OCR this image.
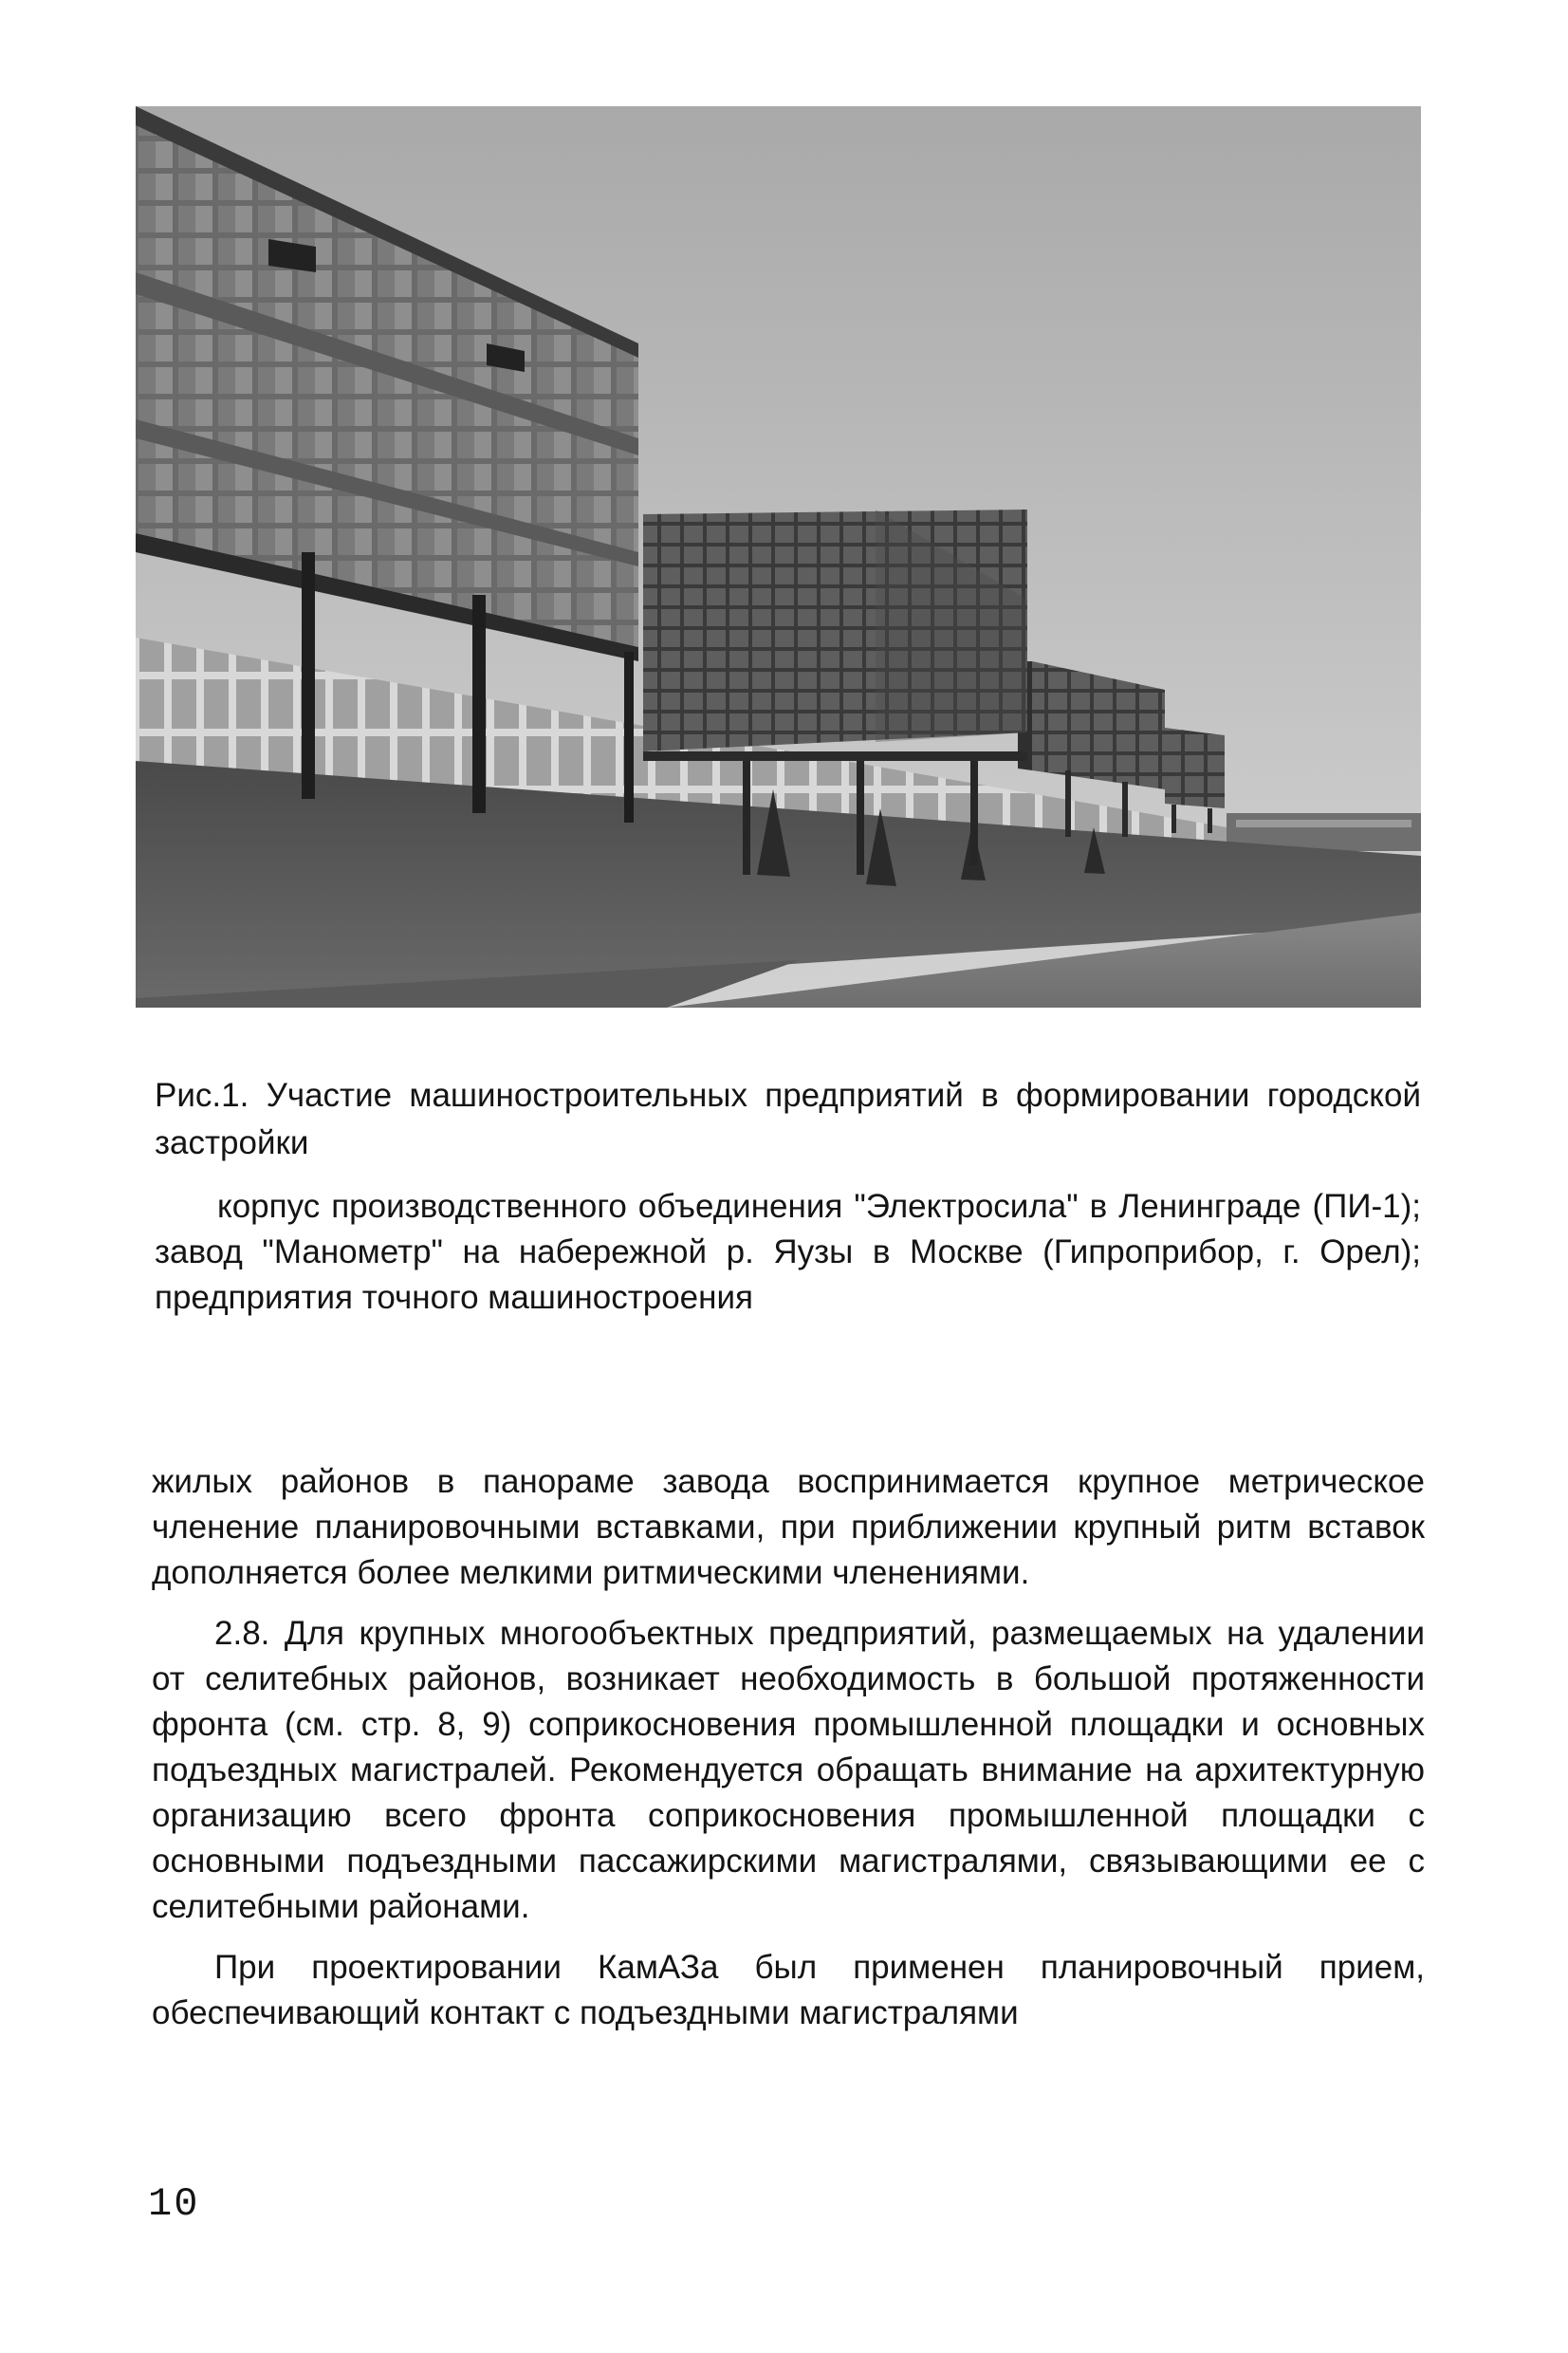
Рис.1. Участие машиностроительных предприятий в формировании городской застройки

корпус производственного объединения "Электросила" в Ленинграде (ПИ-1); завод "Манометр" на набережной р. Яузы в Москве (Гипроприбор, г. Орел); предприятия точного машиностроения

жилых районов в панораме завода воспринимается крупное метрическое членение планировочными вставками, при приближении крупный ритм вставок дополняется более мелкими ритмическими членениями.

2.8. Для крупных многообъектных предприятий, размещаемых на удалении от селитебных районов, возникает необходимость в большой протяженности фронта (см. стр. 8, 9) соприкосновения промышленной площадки и основных подъездных магистралей. Рекомендуется обращать внимание на архитектурную организацию всего фронта соприкосновения промышленной площадки с основными подъездными пассажирскими магистралями, связывающими ее с селитебными районами.

При проектировании КамАЗа был применен планировочный прием, обеспечивающий контакт с подъездными магистралями

10
